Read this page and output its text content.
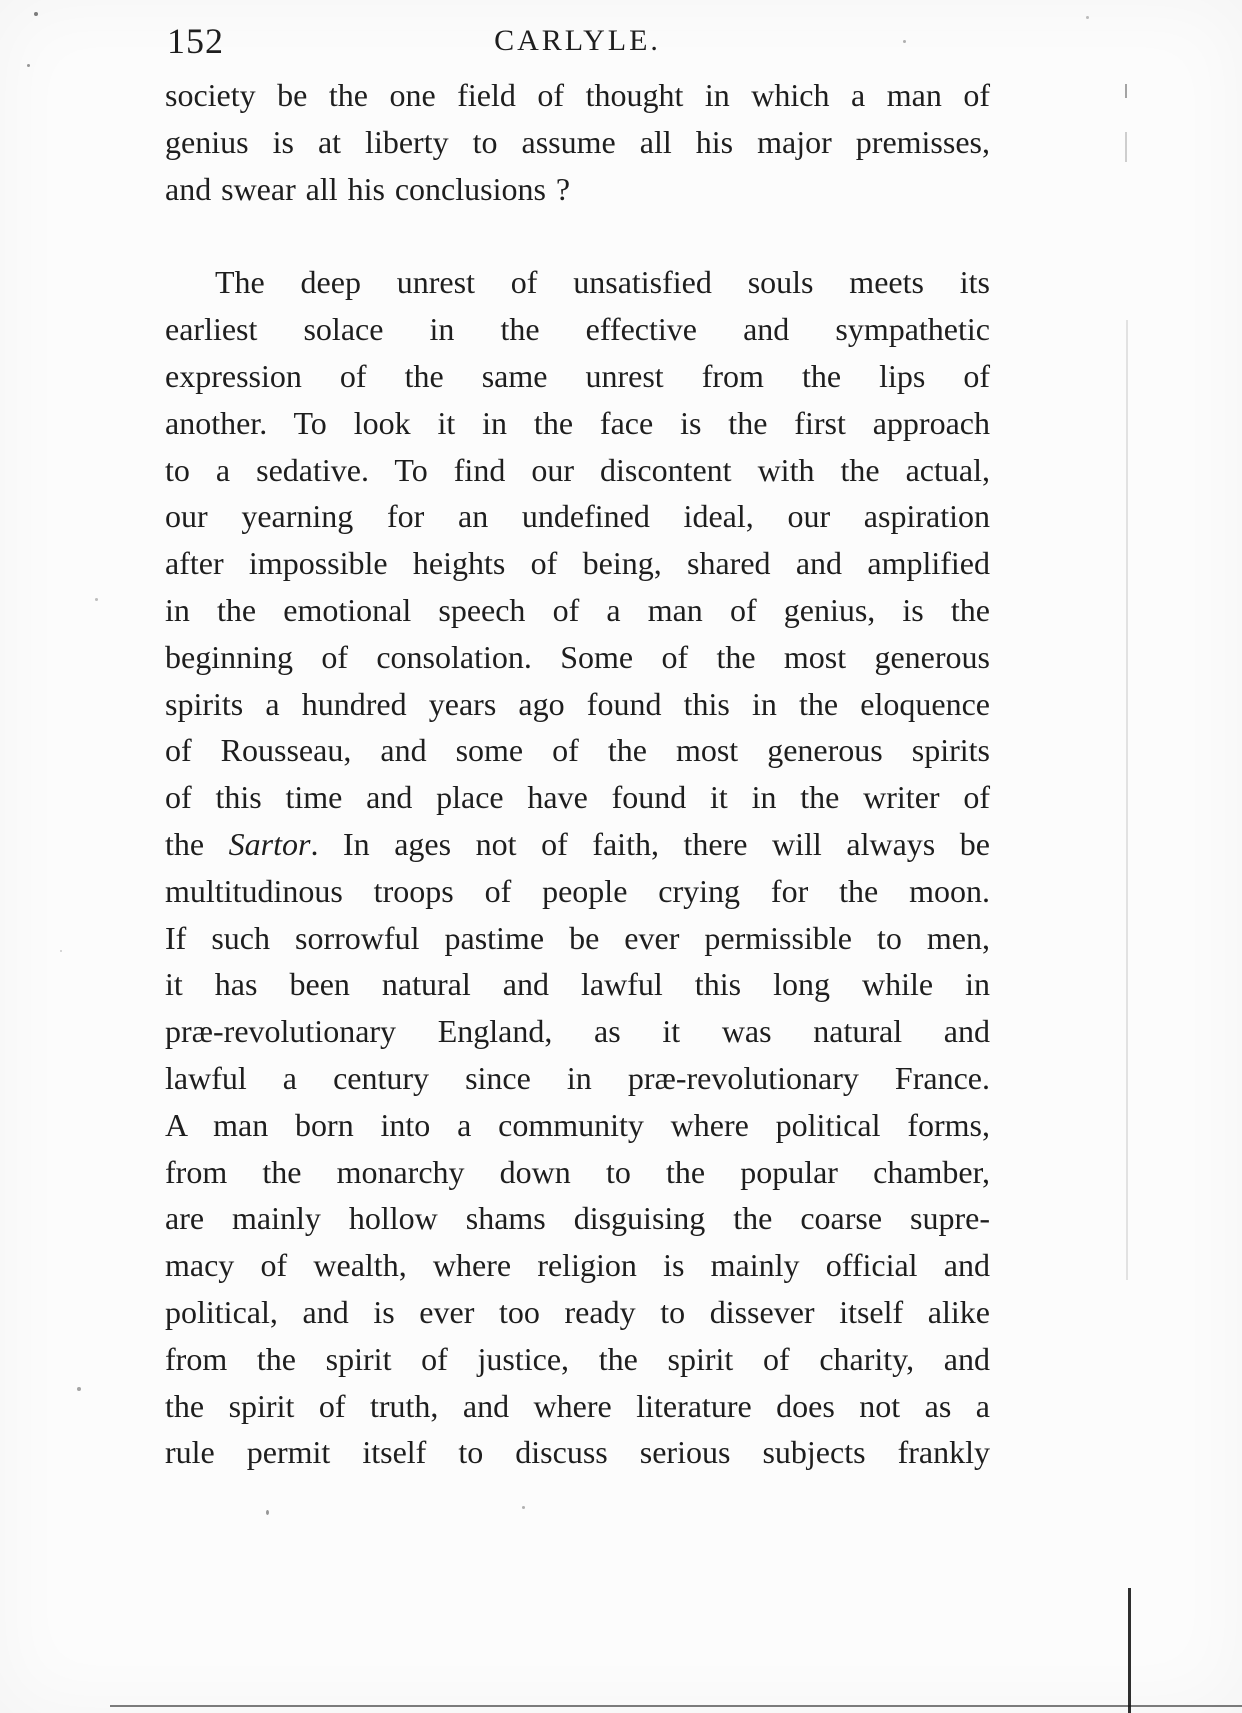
152	CARLYLE.
society be the one field of thought in which a man of
genius is at liberty to assume all his major premisses,
and swear all his conclusions ?
The deep unrest of unsatisfied souls meets its
earliest solace in the effective and sympathetic
expression of the same unrest from the lips of
another. To look it in the face is the first approach
to a sedative. To find our discontent with the actual,
our yearning for an undefined ideal, our aspiration
after impossible heights of being, shared and amplified
in the emotional speech of a man of genius, is the
beginning of consolation. Some of the most generous
spirits a hundred years ago found this in the eloquence
of Rousseau, and some of the most generous spirits
of this time and place have found it in the writer of
the Sartor. In ages not of faith, there will always be
multitudinous troops of people crying for the moon.
If such sorrowful pastime be ever permissible to men,
it has been natural and lawful this long while in
præ-revolutionary England, as it was natural and
lawful a century since in præ-revolutionary France.
A man born into a community where political forms,
from the monarchy down to the popular chamber,
are mainly hollow shams disguising the coarse supre-
macy of wealth, where religion is mainly official and
political, and is ever too ready to dissever itself alike
from the spirit of justice, the spirit of charity, and
the spirit of truth, and where literature does not as a
rule permit itself to discuss serious subjects frankly
